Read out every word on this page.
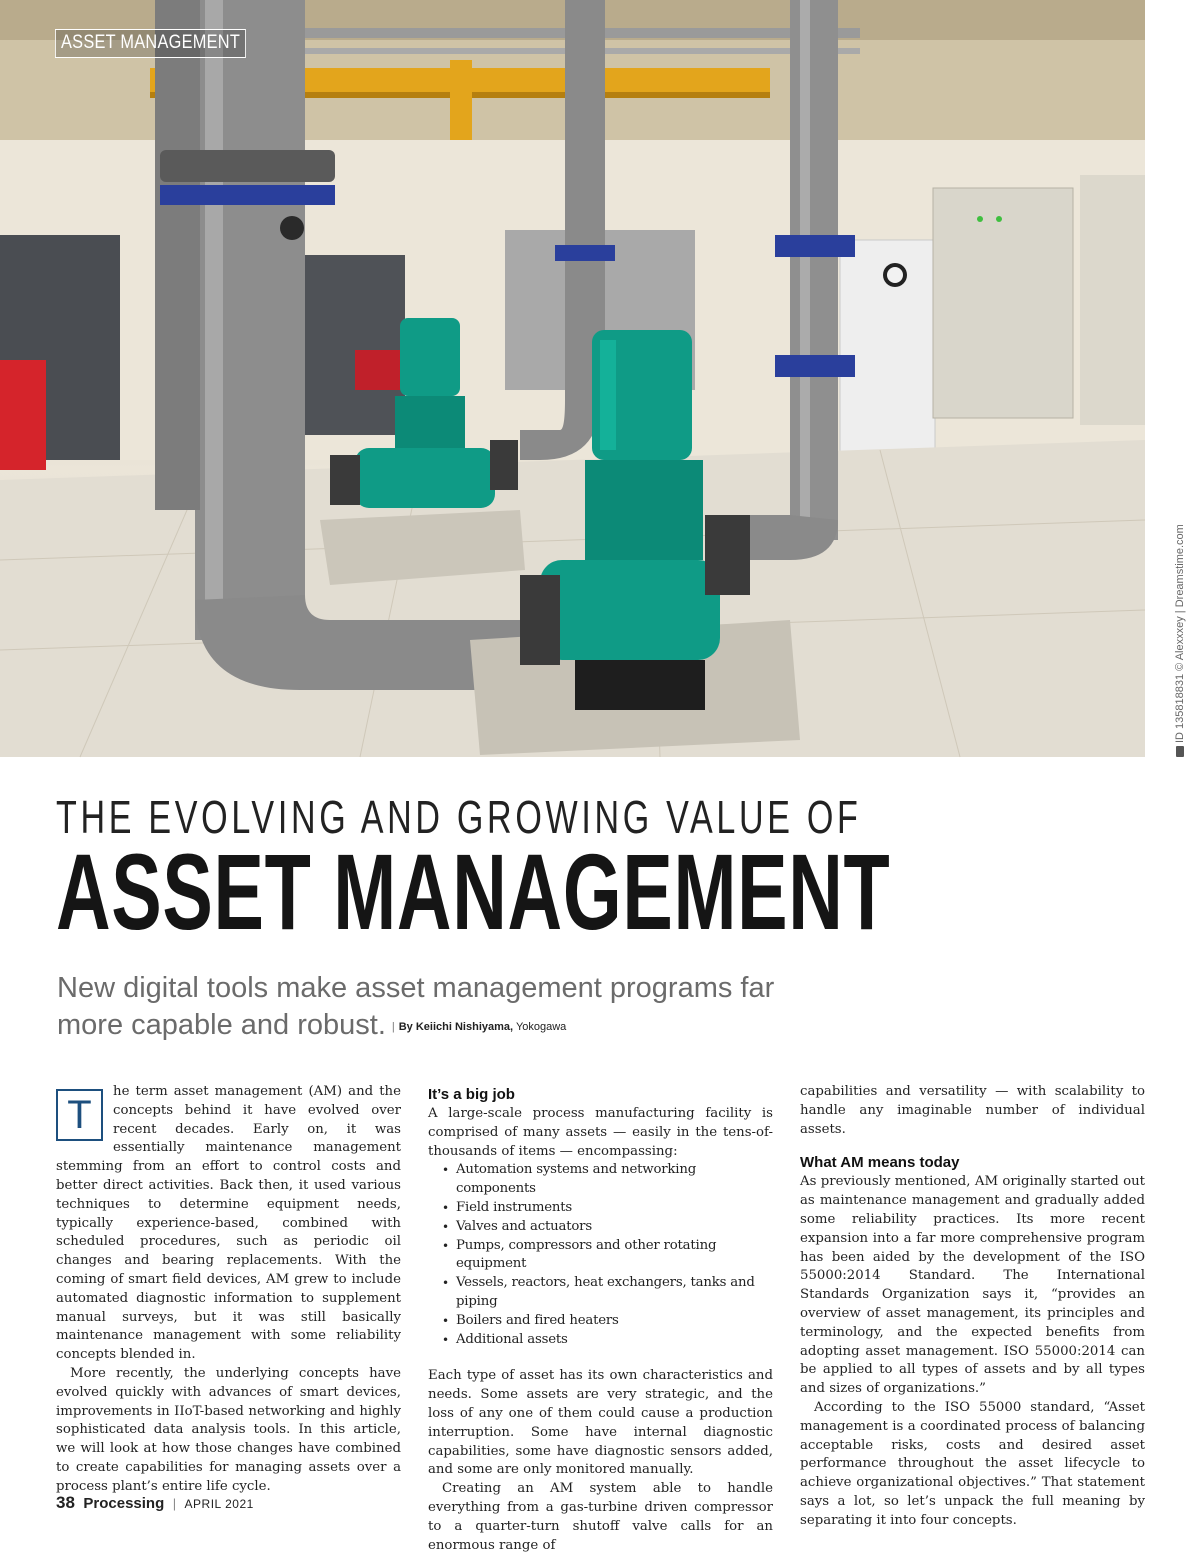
ASSET MANAGEMENT
ID 135818831 © Alexxxey | Dreamstime.com
THE EVOLVING AND GROWING VALUE OF
ASSET MANAGEMENT
New digital tools make asset management programs far more capable and robust. | By Keiichi Nishiyama, Yokogawa
T

he term asset management (AM) and the concepts behind it have evolved over recent decades. Early on, it was essentially maintenance management stemming from an effort to control costs and better direct activities. Back then, it used various techniques to determine equipment needs, typically experience-based, combined with scheduled procedures, such as periodic oil changes and bearing replacements. With the coming of smart field devices, AM grew to include automated diagnostic information to supplement manual surveys, but it was still basically maintenance management with some reliability concepts blended in.

More recently, the underlying concepts have evolved quickly with advances of smart devices, improvements in IIoT-based networking and highly sophisticated data analysis tools. In this article, we will look at how those changes have combined to create capabilities for managing assets over a process plant’s entire life cycle.

It’s a big job

A large-scale process manufacturing facility is comprised of many assets — easily in the tens-of-thousands of items — encompassing:

• Automation systems and networking components
• Field instruments
• Valves and actuators
• Pumps, compressors and other rotating equipment
• Vessels, reactors, heat exchangers, tanks and piping
• Boilers and fired heaters
• Additional assets

Each type of asset has its own characteristics and needs. Some assets are very strategic, and the loss of any one of them could cause a production interruption. Some have internal diagnostic capabilities, some have diagnostic sensors added, and some are only monitored manually.

Creating an AM system able to handle everything from a gas-turbine driven compressor to a quarter-turn shutoff valve calls for an enormous range of

capabilities and versatility — with scalability to handle any imaginable number of individual assets.

What AM means today

As previously mentioned, AM originally started out as maintenance management and gradually added some reliability practices. Its more recent expansion into a far more comprehensive program has been aided by the development of the ISO 55000:2014 Standard. The International Standards Organization says it, “provides an overview of asset management, its principles and terminology, and the expected benefits from adopting asset management. ISO 55000:2014 can be applied to all types of assets and by all types and sizes of organizations.”

According to the ISO 55000 standard, “Asset management is a coordinated process of balancing acceptable risks, costs and desired asset performance throughout the asset lifecycle to achieve organizational objectives.” That statement says a lot, so let’s unpack the full meaning by separating it into four concepts.

38 Processing | APRIL 2021
